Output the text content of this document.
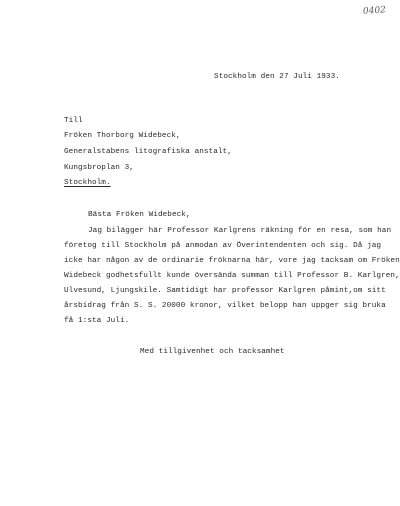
0402
Stockholm den 27 Juli 1933.
Till
Fröken Thorborg Widebeck,
Generalstabens litografiska anstalt,
Kungsbroplan 3,
Stockholm.
Bästa Fröken Widebeck,
Jag bilägger här Professor Karlgrens räkning för en resa, som han
företog till Stockholm på anmodan av Överintendenten och sig. Då jag
icke har någon av de ordinarie fröknarna här, vore jag tacksam om Fröken
Widebeck godhetsfullt kunde översända summan till Professor B. Karlgren,
Ulvesund, Ljungskile. Samtidigt har professor Karlgren påmint,om sitt
årsbidrag från S. S. 20000 kronor, vilket belopp han uppger sig bruka
få 1:sta Juli.
Med tillgivenhet och tacksamhet
